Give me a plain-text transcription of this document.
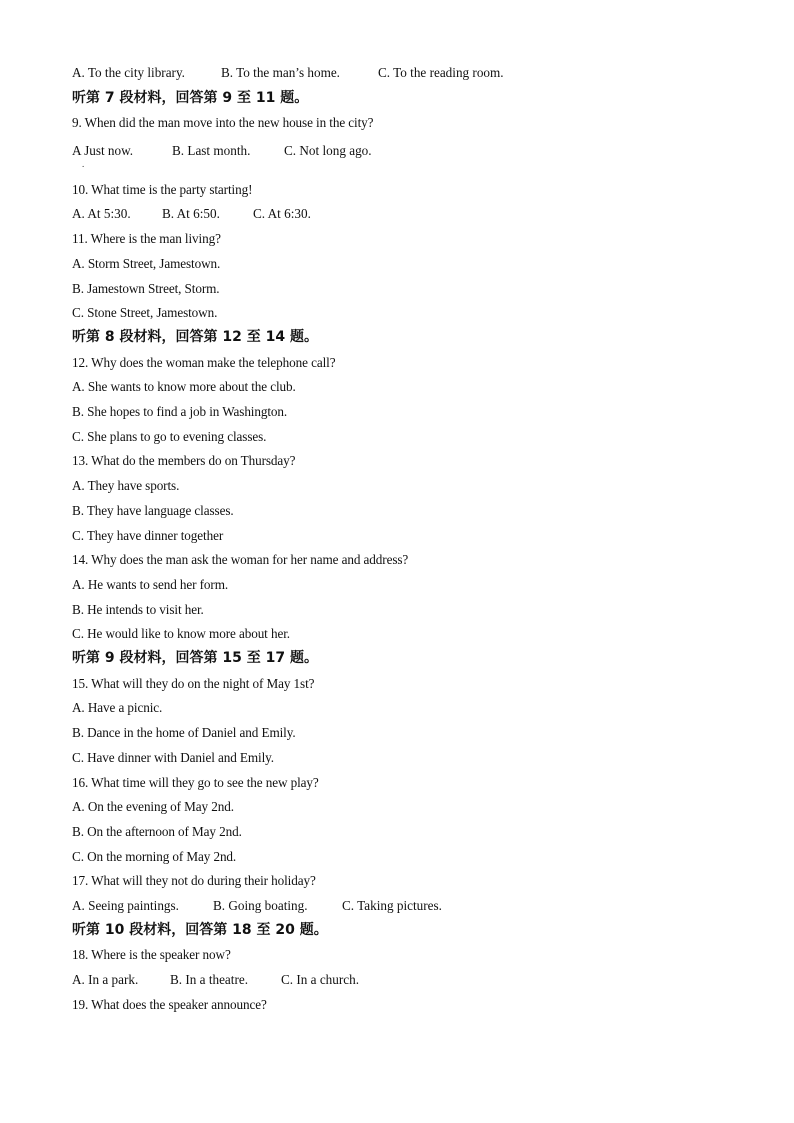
A. To the city library.	B. To the man’s home.	C. To the reading room.
听第 7 段材料，回答第 9 至 11 题。
9. When did the man move into the new house in the city?
A Just now.	B. Last month.	C. Not long ago.
.
10. What time is the party starting!
A. At 5:30. B. At 6:50.	C. At 6:30.
11. Where is the man living?
A. Storm Street, Jamestown.
B. Jamestown Street, Storm.
C. Stone Street, Jamestown.
听第 8 段材料，回答第 12 至 14 题。
12. Why does the woman make the telephone call?
A. She wants to know more about the club.
B. She hopes to find a job in Washington.
C. She plans to go to evening classes.
13. What do the members do on Thursday?
A. They have sports.
B. They have language classes.
C. They have dinner together
14. Why does the man ask the woman for her name and address?
A. He wants to send her form.
B. He intends to visit her.
C. He would like to know more about her.
听第 9 段材料，回答第 15 至 17 题。
15. What will they do on the night of May 1st?
A. Have a picnic.
B. Dance in the home of Daniel and Emily.
C. Have dinner with Daniel and Emily.
16. What time will they go to see the new play?
A. On the evening of May 2nd.
B. On the afternoon of May 2nd.
C. On the morning of May 2nd.
17. What will they not do during their holiday?
A. Seeing paintings.	B. Going boating.	C. Taking pictures.
听第 10 段材料，回答第 18 至 20 题。
18. Where is the speaker now?
A. In a park. B. In a theatre.	C. In a church.
19. What does the speaker announce?
